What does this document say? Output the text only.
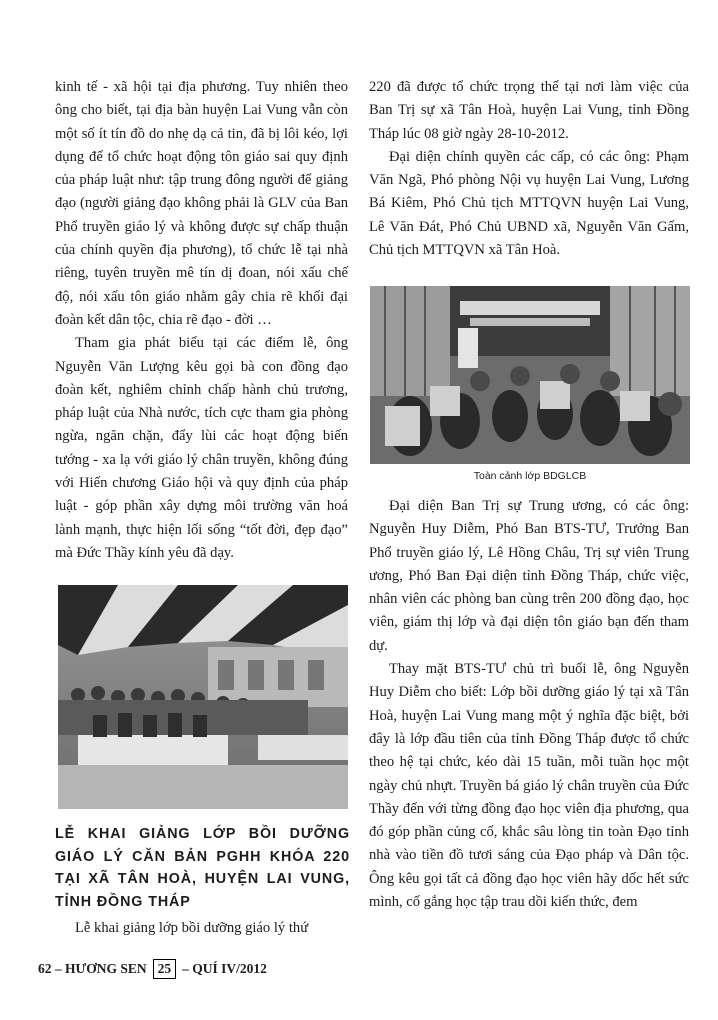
kinh tế - xã hội tại địa phương. Tuy nhiên theo ông cho biết, tại địa bàn huyện Lai Vung vẫn còn một số ít tín đồ do nhẹ dạ cả tin, đã bị lôi kéo, lợi dụng để tổ chức hoạt động tôn giáo sai quy định của pháp luật như: tập trung đông người để giảng đạo (người giảng đạo không phải là GLV của Ban Phổ truyền giáo lý và không được sự chấp thuận của chính quyền địa phương), tổ chức lễ tại nhà riêng, tuyên truyền mê tín dị đoan, nói xấu chế độ, nói xấu tôn giáo nhằm gây chia rẽ khối đại đoàn kết dân tộc, chia rẽ đạo - đời …

Tham gia phát biểu tại các điểm lễ, ông Nguyễn Văn Lượng kêu gọi bà con đồng đạo đoàn kết, nghiêm chỉnh chấp hành chủ trương, pháp luật của Nhà nước, tích cực tham gia phòng ngừa, ngăn chặn, đẩy lùi các hoạt động biến tướng - xa lạ với giáo lý chân truyền, không đúng với Hiến chương Giáo hội và quy định của pháp luật - góp phần xây dựng môi trường văn hoá lành mạnh, thực hiện lối sống “tốt đời, đẹp đạo” mà Đức Thầy kính yêu đã dạy.

LỄ KHAI GIẢNG LỚP BỒI DƯỠNG GIÁO LÝ CĂN BẢN PGHH KHÓA 220 TẠI XÃ TÂN HOÀ, HUYỆN LAI VUNG, TỈNH ĐỒNG THÁP

Lễ khai giảng lớp bồi dưỡng giáo lý thứ

220 đã được tổ chức trọng thể tại nơi làm việc của Ban Trị sự xã Tân Hoà, huyện Lai Vung, tỉnh Đồng Tháp lúc 08 giờ ngày 28-10-2012.

Đại diện chính quyền các cấp, có các ông: Phạm Văn Ngã, Phó phòng Nội vụ huyện Lai Vung, Lương Bá Kiêm, Phó Chủ tịch MTTQVN huyện Lai Vung, Lê Văn Đát, Phó Chủ UBND xã, Nguyễn Văn Gấm, Chủ tịch MTTQVN xã Tân Hoà.

Toàn cảnh lớp BDGLCB

Đại diện Ban Trị sự Trung ương, có các ông: Nguyễn Huy Diễm, Phó Ban BTS-TƯ, Trưởng Ban Phổ truyền giáo lý, Lê Hồng Châu, Trị sự viên Trung ương, Phó Ban Đại diện tỉnh Đồng Tháp, chức việc, nhân viên các phòng ban cùng trên 200 đồng đạo, học viên, giám thị lớp và đại diện tôn giáo bạn đến tham dự.

Thay mặt BTS-TƯ chủ trì buổi lễ, ông Nguyễn Huy Diễm cho biết: Lớp bồi dưỡng giáo lý tại xã Tân Hoà, huyện Lai Vung mang một ý nghĩa đặc biệt, bởi đây là lớp đầu tiên của tỉnh Đồng Tháp được tổ chức theo hệ tại chức, kéo dài 15 tuần, mỗi tuần học một ngày chủ nhựt. Truyền bá giáo lý chân truyền của Đức Thầy đến với từng đồng đạo học viên địa phương, qua đó góp phần củng cố, khắc sâu lòng tin toàn Đạo tỉnh nhà vào tiền đồ tươi sáng của Đạo pháp và Dân tộc. Ông kêu gọi tất cả đồng đạo học viên hãy dốc hết sức mình, cố gắng học tập trau dồi kiến thức, đem

62 – HƯƠNG SEN 25 – QUÍ IV/2012
